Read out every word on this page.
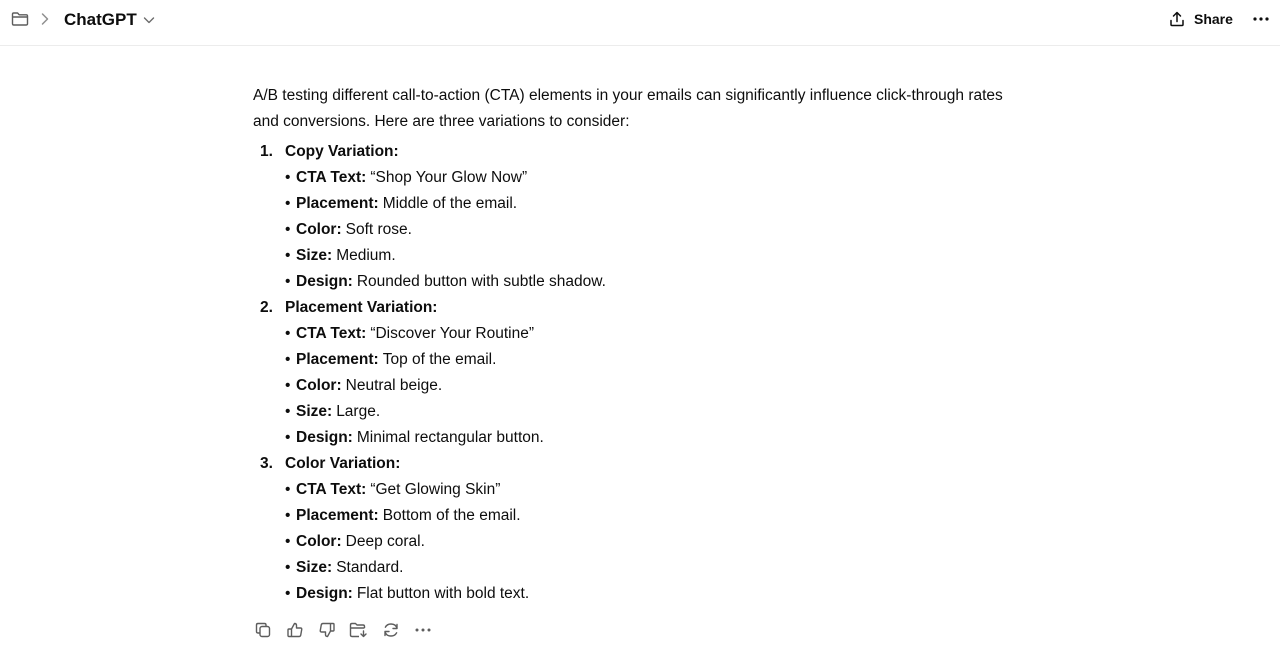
ChatGPT	Share

A/B testing different call-to-action (CTA) elements in your emails can significantly influence click-through rates and conversions. Here are three variations to consider:

1. Copy Variation:
• CTA Text: “Shop Your Glow Now”
• Placement: Middle of the email.
• Color: Soft rose.
• Size: Medium.
• Design: Rounded button with subtle shadow.
2. Placement Variation:
• CTA Text: “Discover Your Routine”
• Placement: Top of the email.
• Color: Neutral beige.
• Size: Large.
• Design: Minimal rectangular button.
3. Color Variation:
• CTA Text: “Get Glowing Skin”
• Placement: Bottom of the email.
• Color: Deep coral.
• Size: Standard.
• Design: Flat button with bold text.
